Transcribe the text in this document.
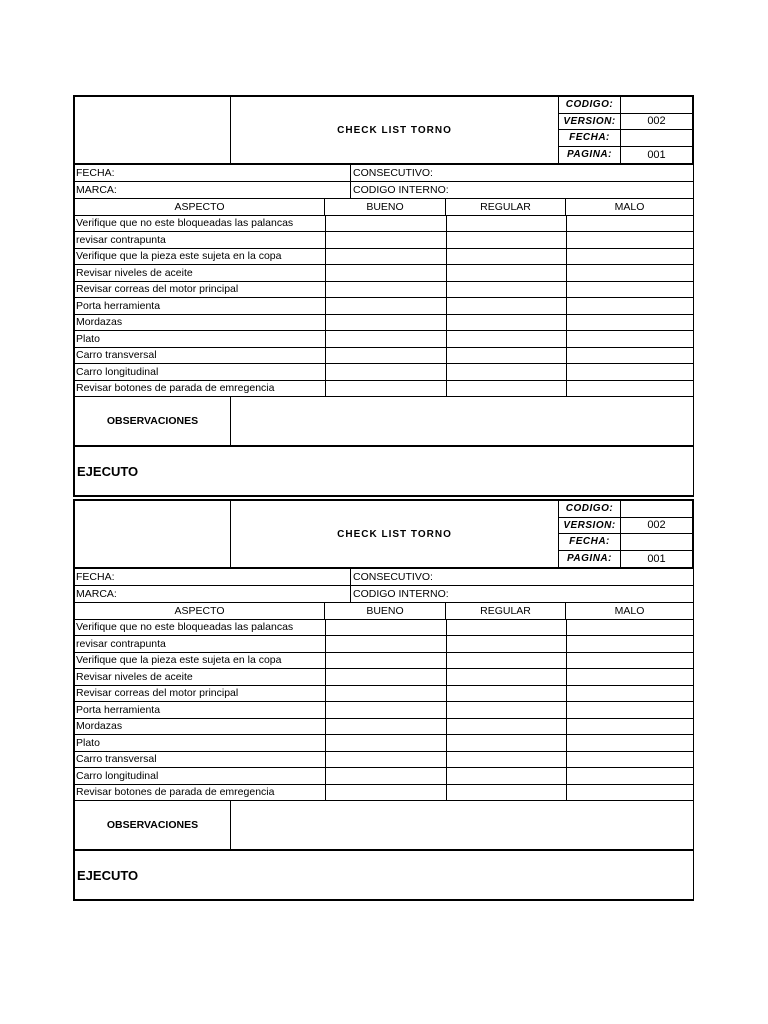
CHECK LIST TORNO
CODIGO:
VERSION:	002
FECHA:
PAGINA:	001
FECHA:	CONSECUTIVO:
MARCA:	CODIGO INTERNO:
ASPECTO	BUENO	REGULAR	MALO
Verifique que no este bloqueadas las palancas
revisar contrapunta
Verifique que la pieza este sujeta en la copa
Revisar niveles de aceite
Revisar correas del motor principal
Porta herramienta
Mordazas
Plato
Carro transversal
Carro longitudinal
Revisar botones de parada de emregencia
OBSERVACIONES
EJECUTO
CHECK LIST TORNO
CODIGO:
VERSION:	002
FECHA:
PAGINA:	001
FECHA:	CONSECUTIVO:
MARCA:	CODIGO INTERNO:
ASPECTO	BUENO	REGULAR	MALO
Verifique que no este bloqueadas las palancas
revisar contrapunta
Verifique que la pieza este sujeta en la copa
Revisar niveles de aceite
Revisar correas del motor principal
Porta herramienta
Mordazas
Plato
Carro transversal
Carro longitudinal
Revisar botones de parada de emregencia
OBSERVACIONES
EJECUTO
